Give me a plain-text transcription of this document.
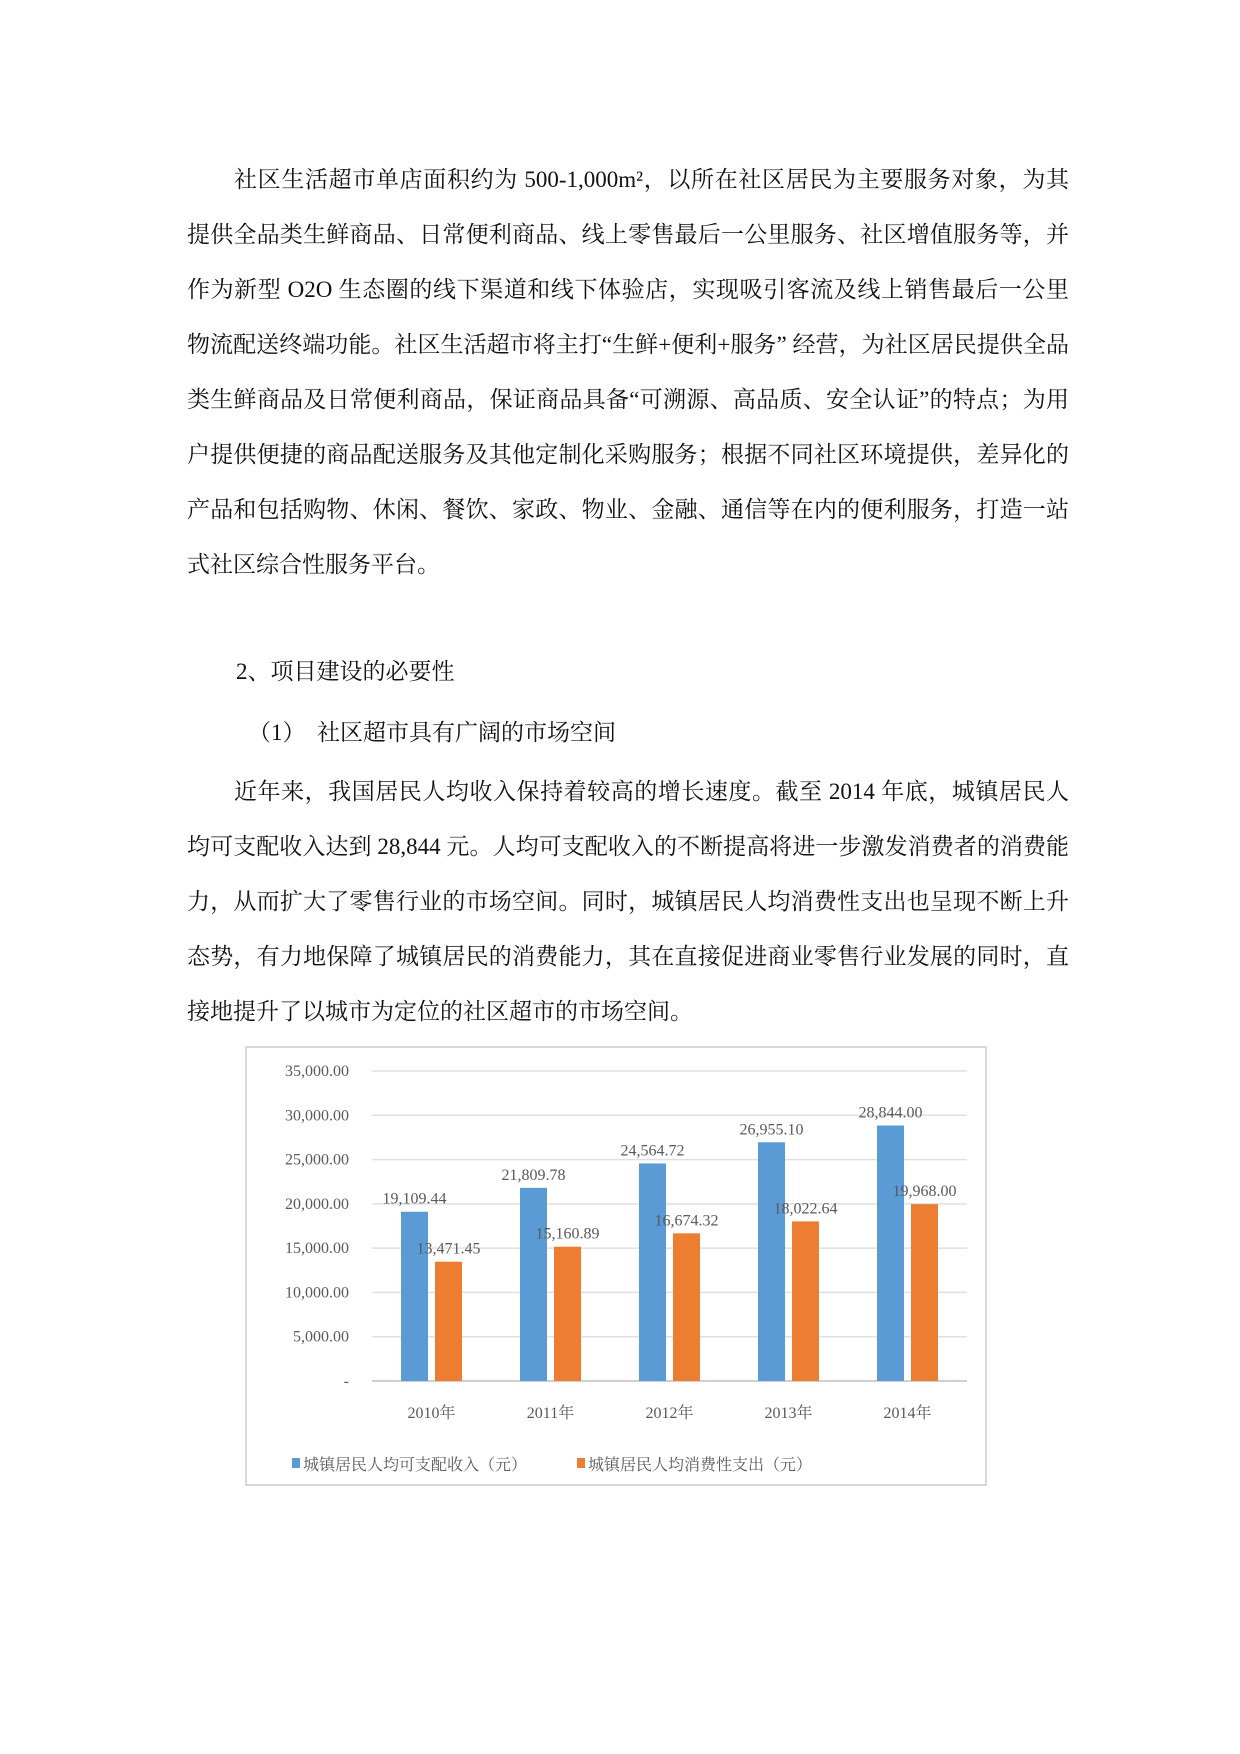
社区生活超市单店面积约为 500-1,000m²，以所在社区居民为主要服务对象，为其提供全品类生鲜商品、日常便利商品、线上零售最后一公里服务、社区增值服务等，并作为新型 O2O 生态圈的线下渠道和线下体验店，实现吸引客流及线上销售最后一公里物流配送终端功能。社区生活超市将主打“生鲜+便利+服务” 经营，为社区居民提供全品类生鲜商品及日常便利商品，保证商品具备“可溯源、高品质、安全认证”的特点；为用户提供便捷的商品配送服务及其他定制化采购服务；根据不同社区环境提供，差异化的产品和包括购物、休闲、餐饮、家政、物业、金融、通信等在内的便利服务，打造一站式社区综合性服务平台。

2、项目建设的必要性
（1）　社区超市具有广阔的市场空间

近年来，我国居民人均收入保持着较高的增长速度。截至 2014 年底，城镇居民人均可支配收入达到 28,844 元。人均可支配收入的不断提高将进一步激发消费者的消费能力，从而扩大了零售行业的市场空间。同时，城镇居民人均消费性支出也呈现不断上升态势，有力地保障了城镇居民的消费能力，其在直接促进商业零售行业发展的同时，直接地提升了以城市为定位的社区超市的市场空间。

-
5,000.00
10,000.00
15,000.00
20,000.00
25,000.00
30,000.00
35,000.00
19,109.44
13,471.45
2010年
21,809.78
15,160.89
2011年
24,564.72
16,674.32
2012年
26,955.10
18,022.64
2013年
28,844.00
19,968.00
2014年
城镇居民人均可支配收入（元）	城镇居民人均消费性支出（元）
